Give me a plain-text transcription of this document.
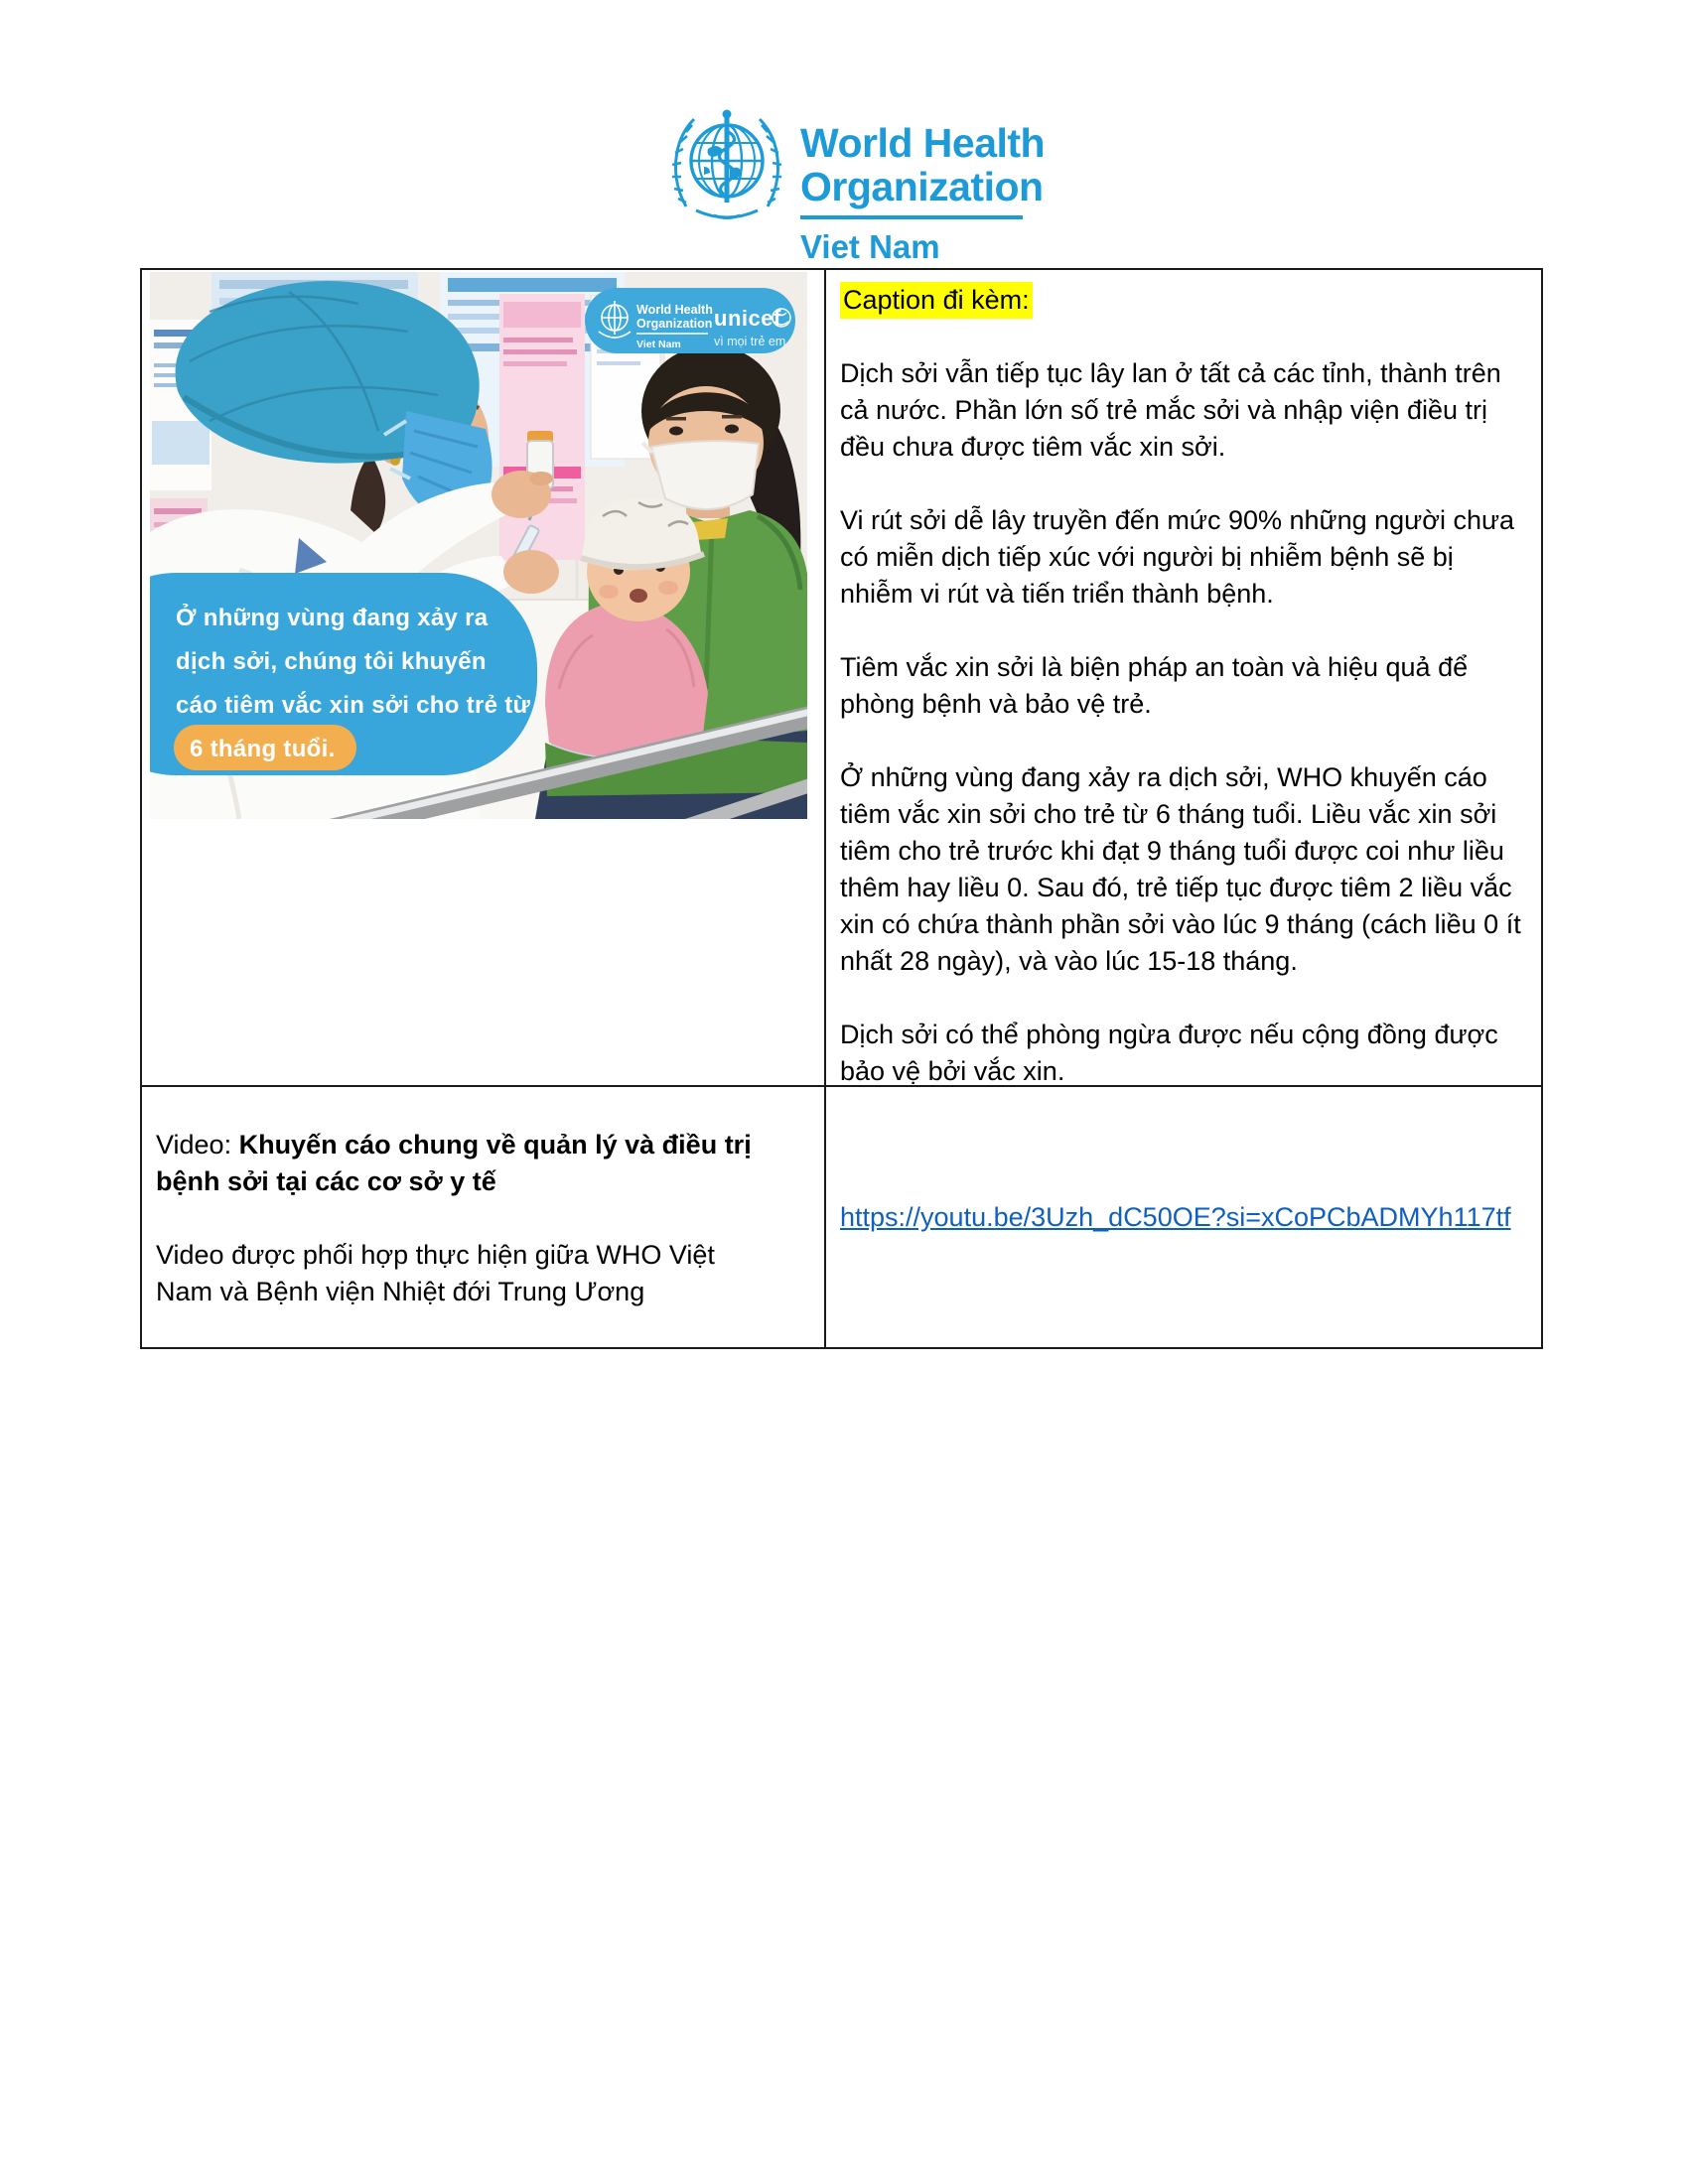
World Health
Organization
Viet Nam
Ở những vùng đang xảy ra
dịch sởi, chúng tôi khuyến
cáo tiêm vắc xin sởi cho trẻ từ
6 tháng tuổi.
World Health
Organization
Viet Nam
unicef
vì mọi trẻ em
Caption đi kèm:

Dịch sởi vẫn tiếp tục lây lan ở tất cả các tỉnh, thành trên cả nước. Phần lớn số trẻ mắc sởi và nhập viện điều trị đều chưa được tiêm vắc xin sởi.

Vi rút sởi dễ lây truyền đến mức 90% những người chưa có miễn dịch tiếp xúc với người bị nhiễm bệnh sẽ bị nhiễm vi rút và tiến triển thành bệnh.

Tiêm vắc xin sởi là biện pháp an toàn và hiệu quả để phòng bệnh và bảo vệ trẻ.

Ở những vùng đang xảy ra dịch sởi, WHO khuyến cáo tiêm vắc xin sởi cho trẻ từ 6 tháng tuổi. Liều vắc xin sởi tiêm cho trẻ trước khi đạt 9 tháng tuổi được coi như liều thêm hay liều 0. Sau đó, trẻ tiếp tục được tiêm 2 liều vắc xin có chứa thành phần sởi vào lúc 9 tháng (cách liều 0 ít nhất 28 ngày), và vào lúc 15-18 tháng.

Dịch sởi có thể phòng ngừa được nếu cộng đồng được bảo vệ bởi vắc xin.

Video: Khuyến cáo chung về quản lý và điều trị bệnh sởi tại các cơ sở y tế

Video được phối hợp thực hiện giữa WHO Việt Nam và Bệnh viện Nhiệt đới Trung Ương

https://youtu.be/3Uzh_dC50OE?si=xCoPCbADMYh117tf
